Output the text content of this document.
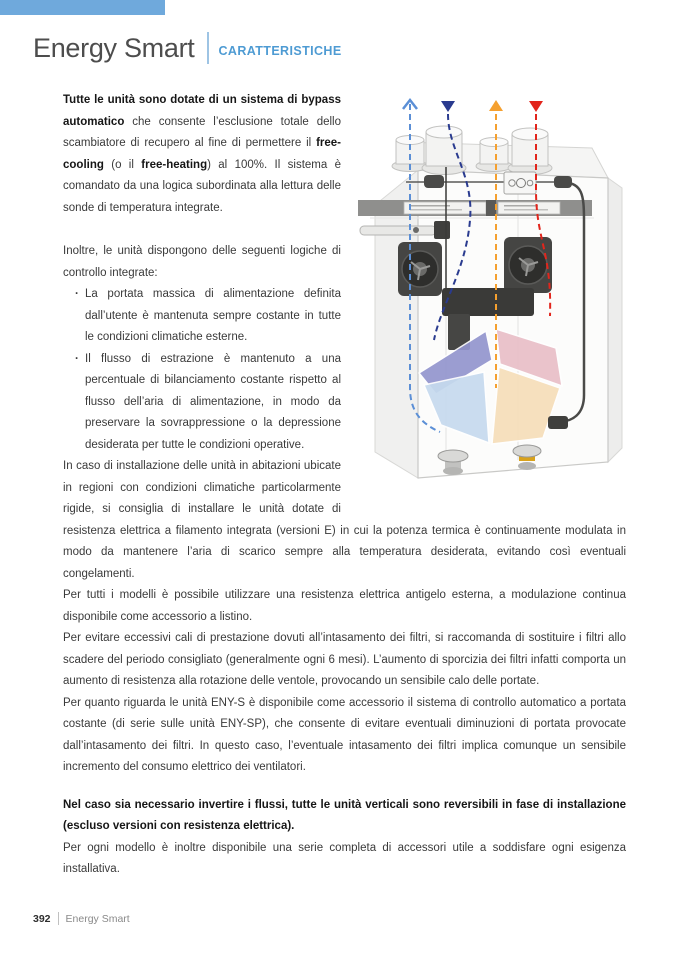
Energy Smart CARATTERISTICHE

Tutte le unità sono dotate di un sistema di bypass automatico che consente l’esclusione totale dello scambiatore di recupero al fine di permettere il free-cooling (o il free-heating) al 100%. Il sistema è comandato da una logica subordinata alla lettura delle sonde di temperatura integrate.

Inoltre, le unità dispongono delle seguenti logiche di controllo integrate:

· La portata massica di alimentazione definita dall’utente è mantenuta sempre costante in tutte le condizioni climatiche esterne.
· Il flusso di estrazione è mantenuto a una percentuale di bilanciamento costante rispetto al flusso dell’aria di alimentazione, in modo da preservare la sovrappressione o la depressione desiderata per tutte le condizioni operative.

In caso di installazione delle unità in abitazioni ubicate in regioni con condizioni climatiche particolarmente rigide, si consiglia di installare le unità dotate di resistenza elettrica a filamento integrata (versioni E) in cui la potenza termica è continuamente modulata in modo da mantenere l’aria di scarico sempre alla temperatura desiderata, evitando così eventuali congelamenti.

Per tutti i modelli è possibile utilizzare una resistenza elettrica antigelo esterna, a modulazione continua disponibile come accessorio a listino.

Per evitare eccessivi cali di prestazione dovuti all’intasamento dei filtri, si raccomanda di sostituire i filtri allo scadere del periodo consigliato (generalmente ogni 6 mesi). L’aumento di sporcizia dei filtri infatti comporta un aumento di resistenza alla rotazione delle ventole, provocando un sensibile calo delle portate.

Per quanto riguarda le unità ENY-S è disponibile come accessorio il sistema di controllo automatico a portata costante (di serie sulle unità ENY-SP), che consente di evitare eventuali diminuzioni di portata provocate dall’intasamento dei filtri. In questo caso, l’eventuale intasamento dei filtri implica comunque un sensibile incremento del consumo elettrico dei ventilatori.

Nel caso sia necessario invertire i flussi, tutte le unità verticali sono reversibili in fase di installazione (escluso versioni con resistenza elettrica).

Per ogni modello è inoltre disponibile una serie completa di accessori utile a soddisfare ogni esigenza installativa.

392 Energy Smart
